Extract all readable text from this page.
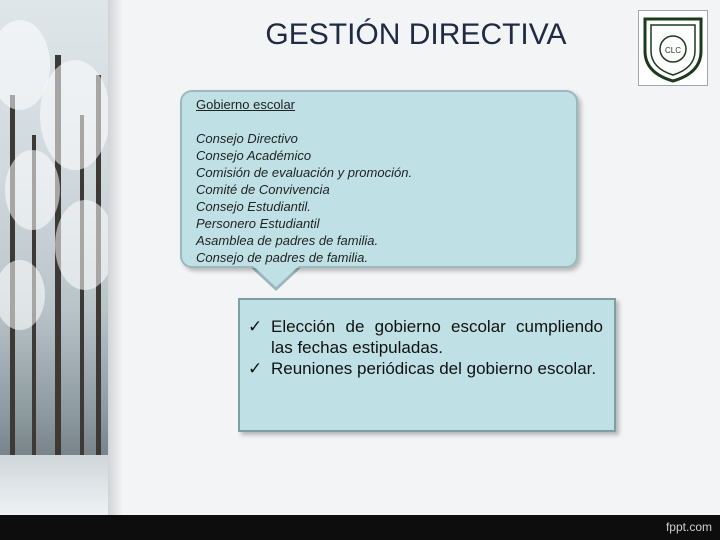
GESTIÓN DIRECTIVA	CLC
Gobierno escolar
Consejo Directivo
Consejo Académico
Comisión de evaluación y promoción.
Comité de Convivencia
Consejo Estudiantil.
Personero Estudiantil
Asamblea de padres de familia.
Consejo de padres de familia.
✓ Elección de gobierno escolar cumpliendo las fechas estipuladas.
✓ Reuniones periódicas del gobierno escolar.
fppt.com
